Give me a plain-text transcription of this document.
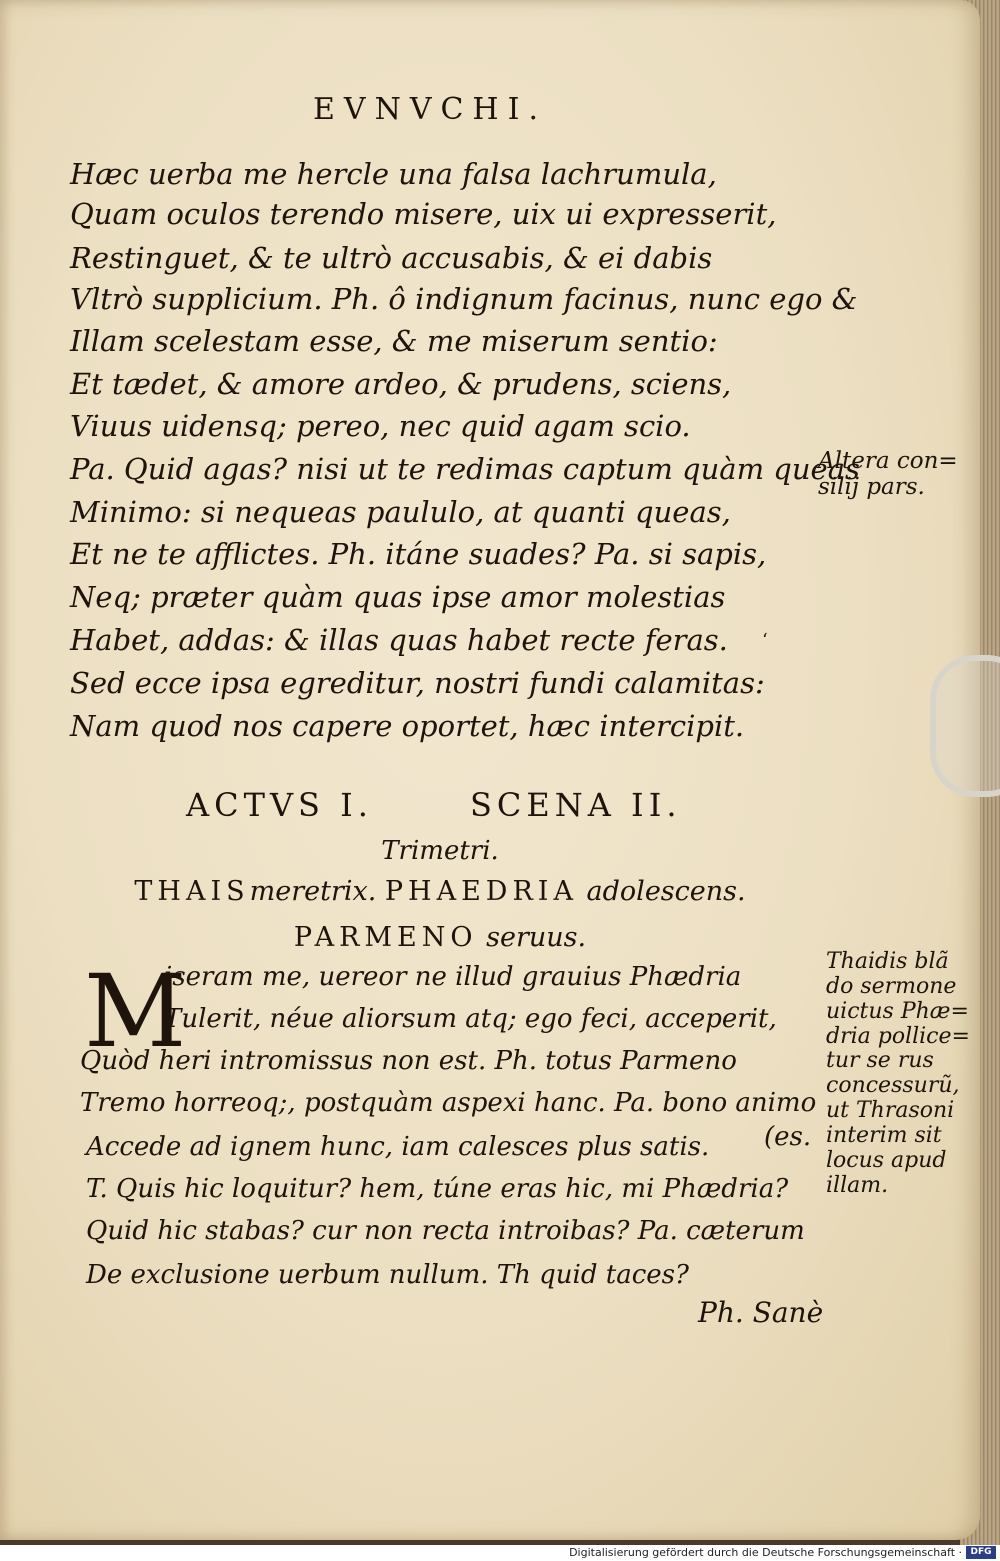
EVNVCHI.
Hæc uerba me hercle una falsa lachrumula,
Quam oculos terendo misere, uix ui expresserit,
Restinguet, & te ultrò accusabis, & ei dabis
Vltrò supplicium. Ph. ô indignum facinus, nunc ego &
Illam scelestam esse, & me miserum sentio:
Et tædet, & amore ardeo, & prudens, sciens,
Viuus uidensq; pereo, nec quid agam scio.
Pa. Quid agas? nisi ut te redimas captum quàm queas
Minimo: si nequeas paululo, at quanti queas,
Et ne te afflictes. Ph. itáne suades? Pa. si sapis,
Neq; præter quàm quas ipse amor molestias
Habet, addas: & illas quas habet recte feras.
Sed ecce ipsa egreditur, nostri fundi calamitas:
Nam quod nos capere oportet, hæc intercipit.
ʻ
ACTVS I.	SCENA II.
Trimetri.
THAISmeretrix. PHAEDRIA adolescens.
PARMENO seruus.
M
iseram me, uereor ne illud grauius Phædria
Tulerit, néue aliorsum atq; ego feci, acceperit,
Quòd heri intromissus non est. Ph. totus Parmeno
Tremo horreoq;, postquàm aspexi hanc. Pa. bono animo
Accede ad ignem hunc, iam calesces plus satis. (es.
T. Quis hic loquitur? hem, túne eras hic, mi Phædria?
Quid hic stabas? cur non recta introibas? Pa. cæterum
De exclusione uerbum nullum. Th quid taces?
Ph. Sanè
Altera con=
silij pars.
Thaidis blã
do sermone
uictus Phæ=
dria pollice=
tur se rus
concessurũ,
ut Thrasoni
interim sit
locus apud
illam.
Digitalisierung gefördert durch die Deutsche Forschungsgemeinschaft · DFG
